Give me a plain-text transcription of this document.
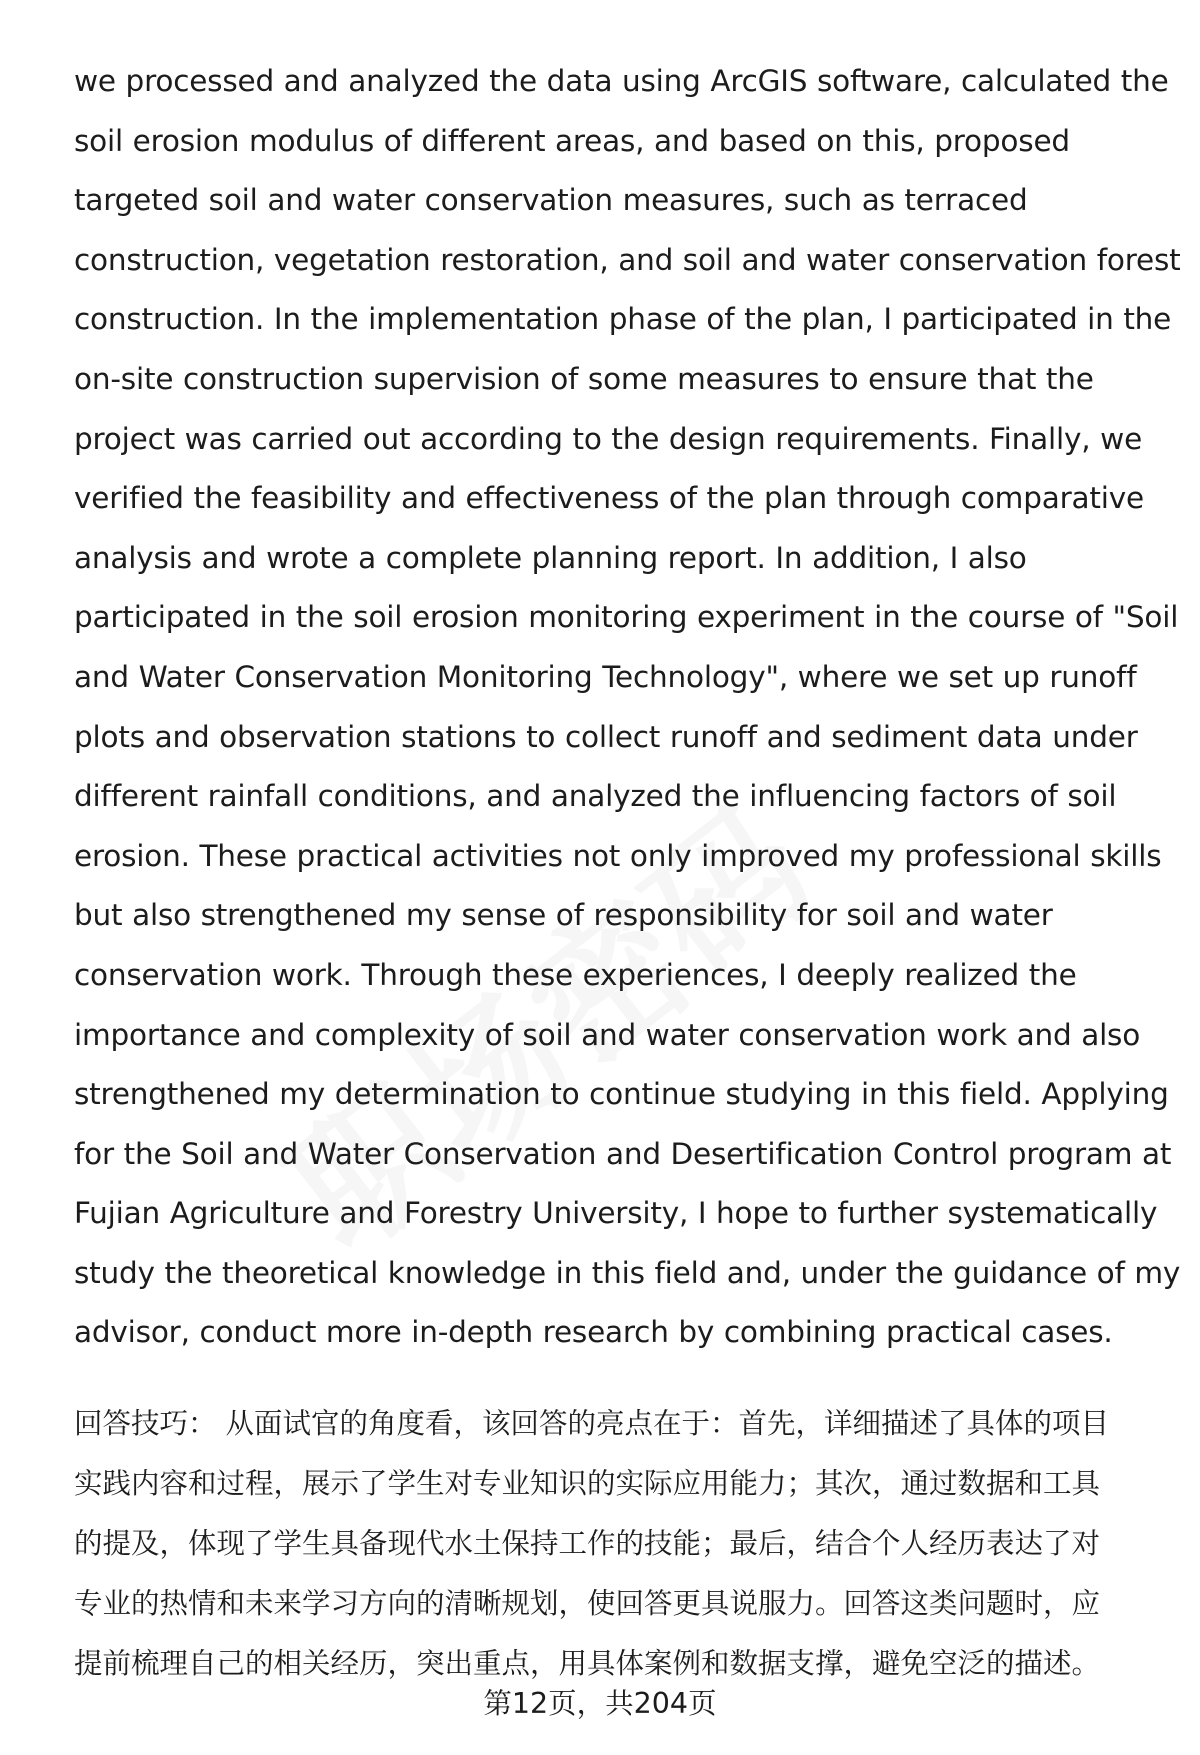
we processed and analyzed the data using ArcGIS software, calculated the
soil erosion modulus of different areas, and based on this, proposed
targeted soil and water conservation measures, such as terraced
construction, vegetation restoration, and soil and water conservation forest
construction. In the implementation phase of the plan, I participated in the
on-site construction supervision of some measures to ensure that the
project was carried out according to the design requirements. Finally, we
verified the feasibility and effectiveness of the plan through comparative
analysis and wrote a complete planning report. In addition, I also
participated in the soil erosion monitoring experiment in the course of "Soil
and Water Conservation Monitoring Technology", where we set up runoff
plots and observation stations to collect runoff and sediment data under
different rainfall conditions, and analyzed the influencing factors of soil
erosion. These practical activities not only improved my professional skills
but also strengthened my sense of responsibility for soil and water
conservation work. Through these experiences, I deeply realized the
importance and complexity of soil and water conservation work and also
strengthened my determination to continue studying in this field. Applying
for the Soil and Water Conservation and Desertification Control program at
Fujian Agriculture and Forestry University, I hope to further systematically
study the theoretical knowledge in this field and, under the guidance of my
advisor, conduct more in-depth research by combining practical cases.
回答技巧： 从面试官的角度看，该回答的亮点在于：首先，详细描述了具体的项目
实践内容和过程，展示了学生对专业知识的实际应用能力；其次，通过数据和工具
的提及，体现了学生具备现代水土保持工作的技能；最后，结合个人经历表达了对
专业的热情和未来学习方向的清晰规划，使回答更具说服力。回答这类问题时，应
提前梳理自己的相关经历，突出重点，用具体案例和数据支撑，避免空泛的描述。
第12页，共204页
